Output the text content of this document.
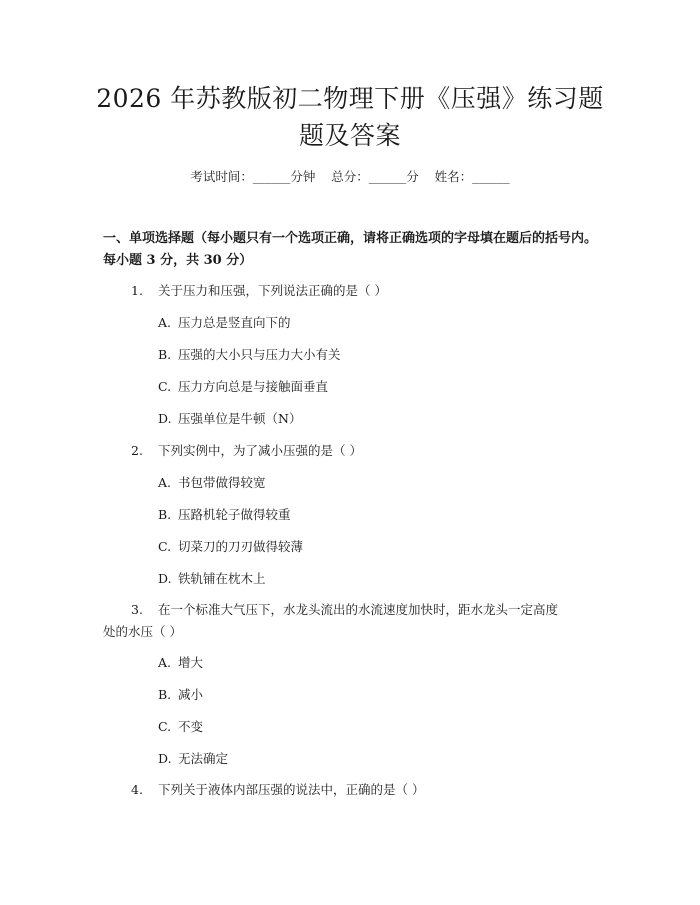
2026 年苏教版初二物理下册《压强》练习题
题及答案
考试时间：______分钟    总分：______分    姓名：______
一、单项选择题（每小题只有一个选项正确，请将正确选项的字母填在题后的括号内。每小题 3 分，共 30 分）
1.	关于压力和压强，下列说法正确的是（ ）
A. 压力总是竖直向下的
B. 压强的大小只与压力大小有关
C. 压力方向总是与接触面垂直
D. 压强单位是牛顿（N）
2.	下列实例中，为了减小压强的是（ ）
A. 书包带做得较宽
B. 压路机轮子做得较重
C. 切菜刀的刀刃做得较薄
D. 铁轨铺在枕木上
3.	在一个标准大气压下，水龙头流出的水流速度加快时，距水龙头一定高度
处的水压（ ）
A. 增大
B. 减小
C. 不变
D. 无法确定
4.	下列关于液体内部压强的说法中，正确的是（ ）
